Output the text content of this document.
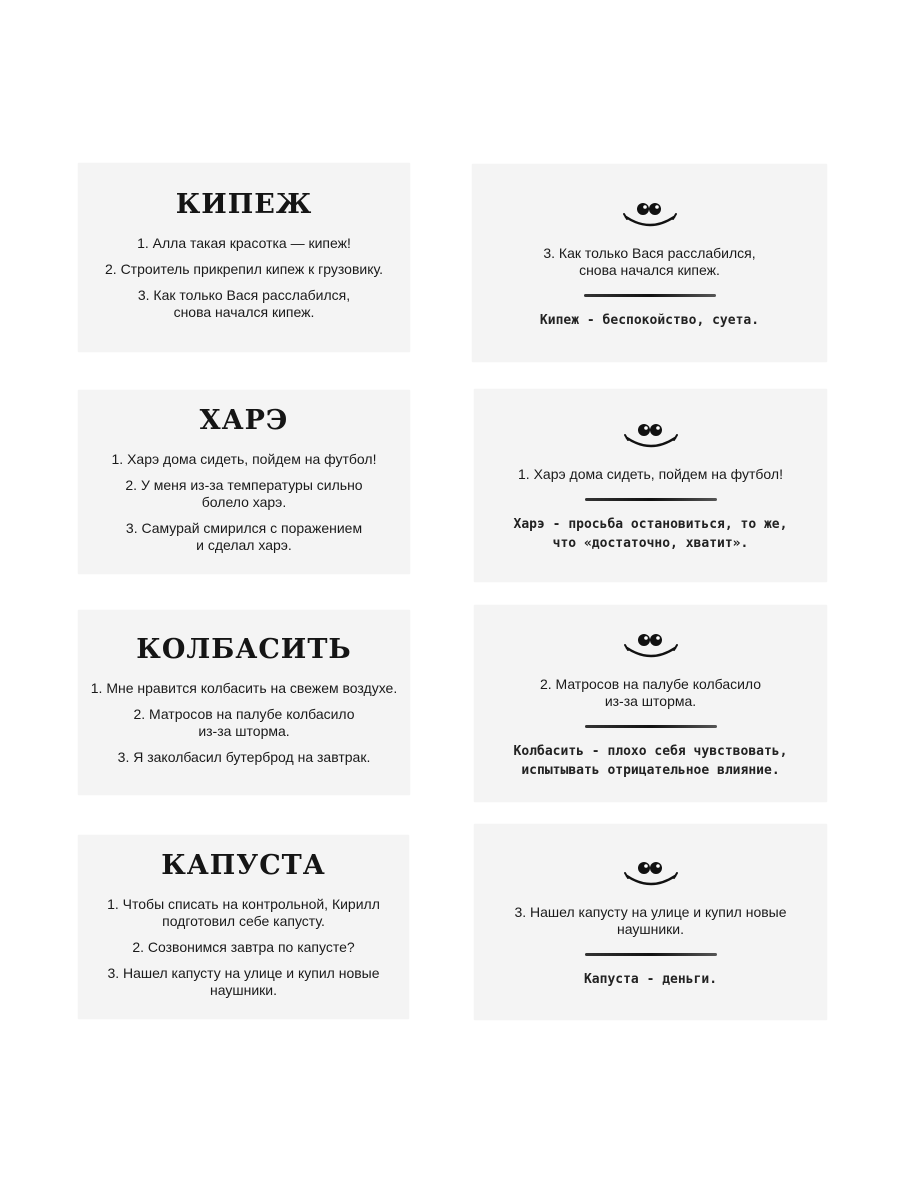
КИПЕЖ
1. Алла такая красотка — кипеж!
2. Строитель прикрепил кипеж к грузовику.
3. Как только Вася расслабился,
снова начался кипеж.
3. Как только Вася расслабился,
снова начался кипеж.
Кипеж - беспокойство, суета.
ХАРЭ
1. Харэ дома сидеть, пойдем на футбол!
2. У меня из-за температуры сильно
болело харэ.
3. Самурай смирился с поражением
и сделал харэ.
1. Харэ дома сидеть, пойдем на футбол!
Харэ - просьба остановиться, то же,
что «достаточно, хватит».
КОЛБАСИТЬ
1. Мне нравится колбасить на свежем воздухе.
2. Матросов на палубе колбасило
из-за шторма.
3. Я заколбасил бутерброд на завтрак.
2. Матросов на палубе колбасило
из-за шторма.
Колбасить - плохо себя чувствовать,
испытывать отрицательное влияние.
КАПУСТА
1. Чтобы списать на контрольной, Кирилл
подготовил себе капусту.
2. Созвонимся завтра по капусте?
3. Нашел капусту на улице и купил новые
наушники.
3. Нашел капусту на улице и купил новые
наушники.
Капуста - деньги.
